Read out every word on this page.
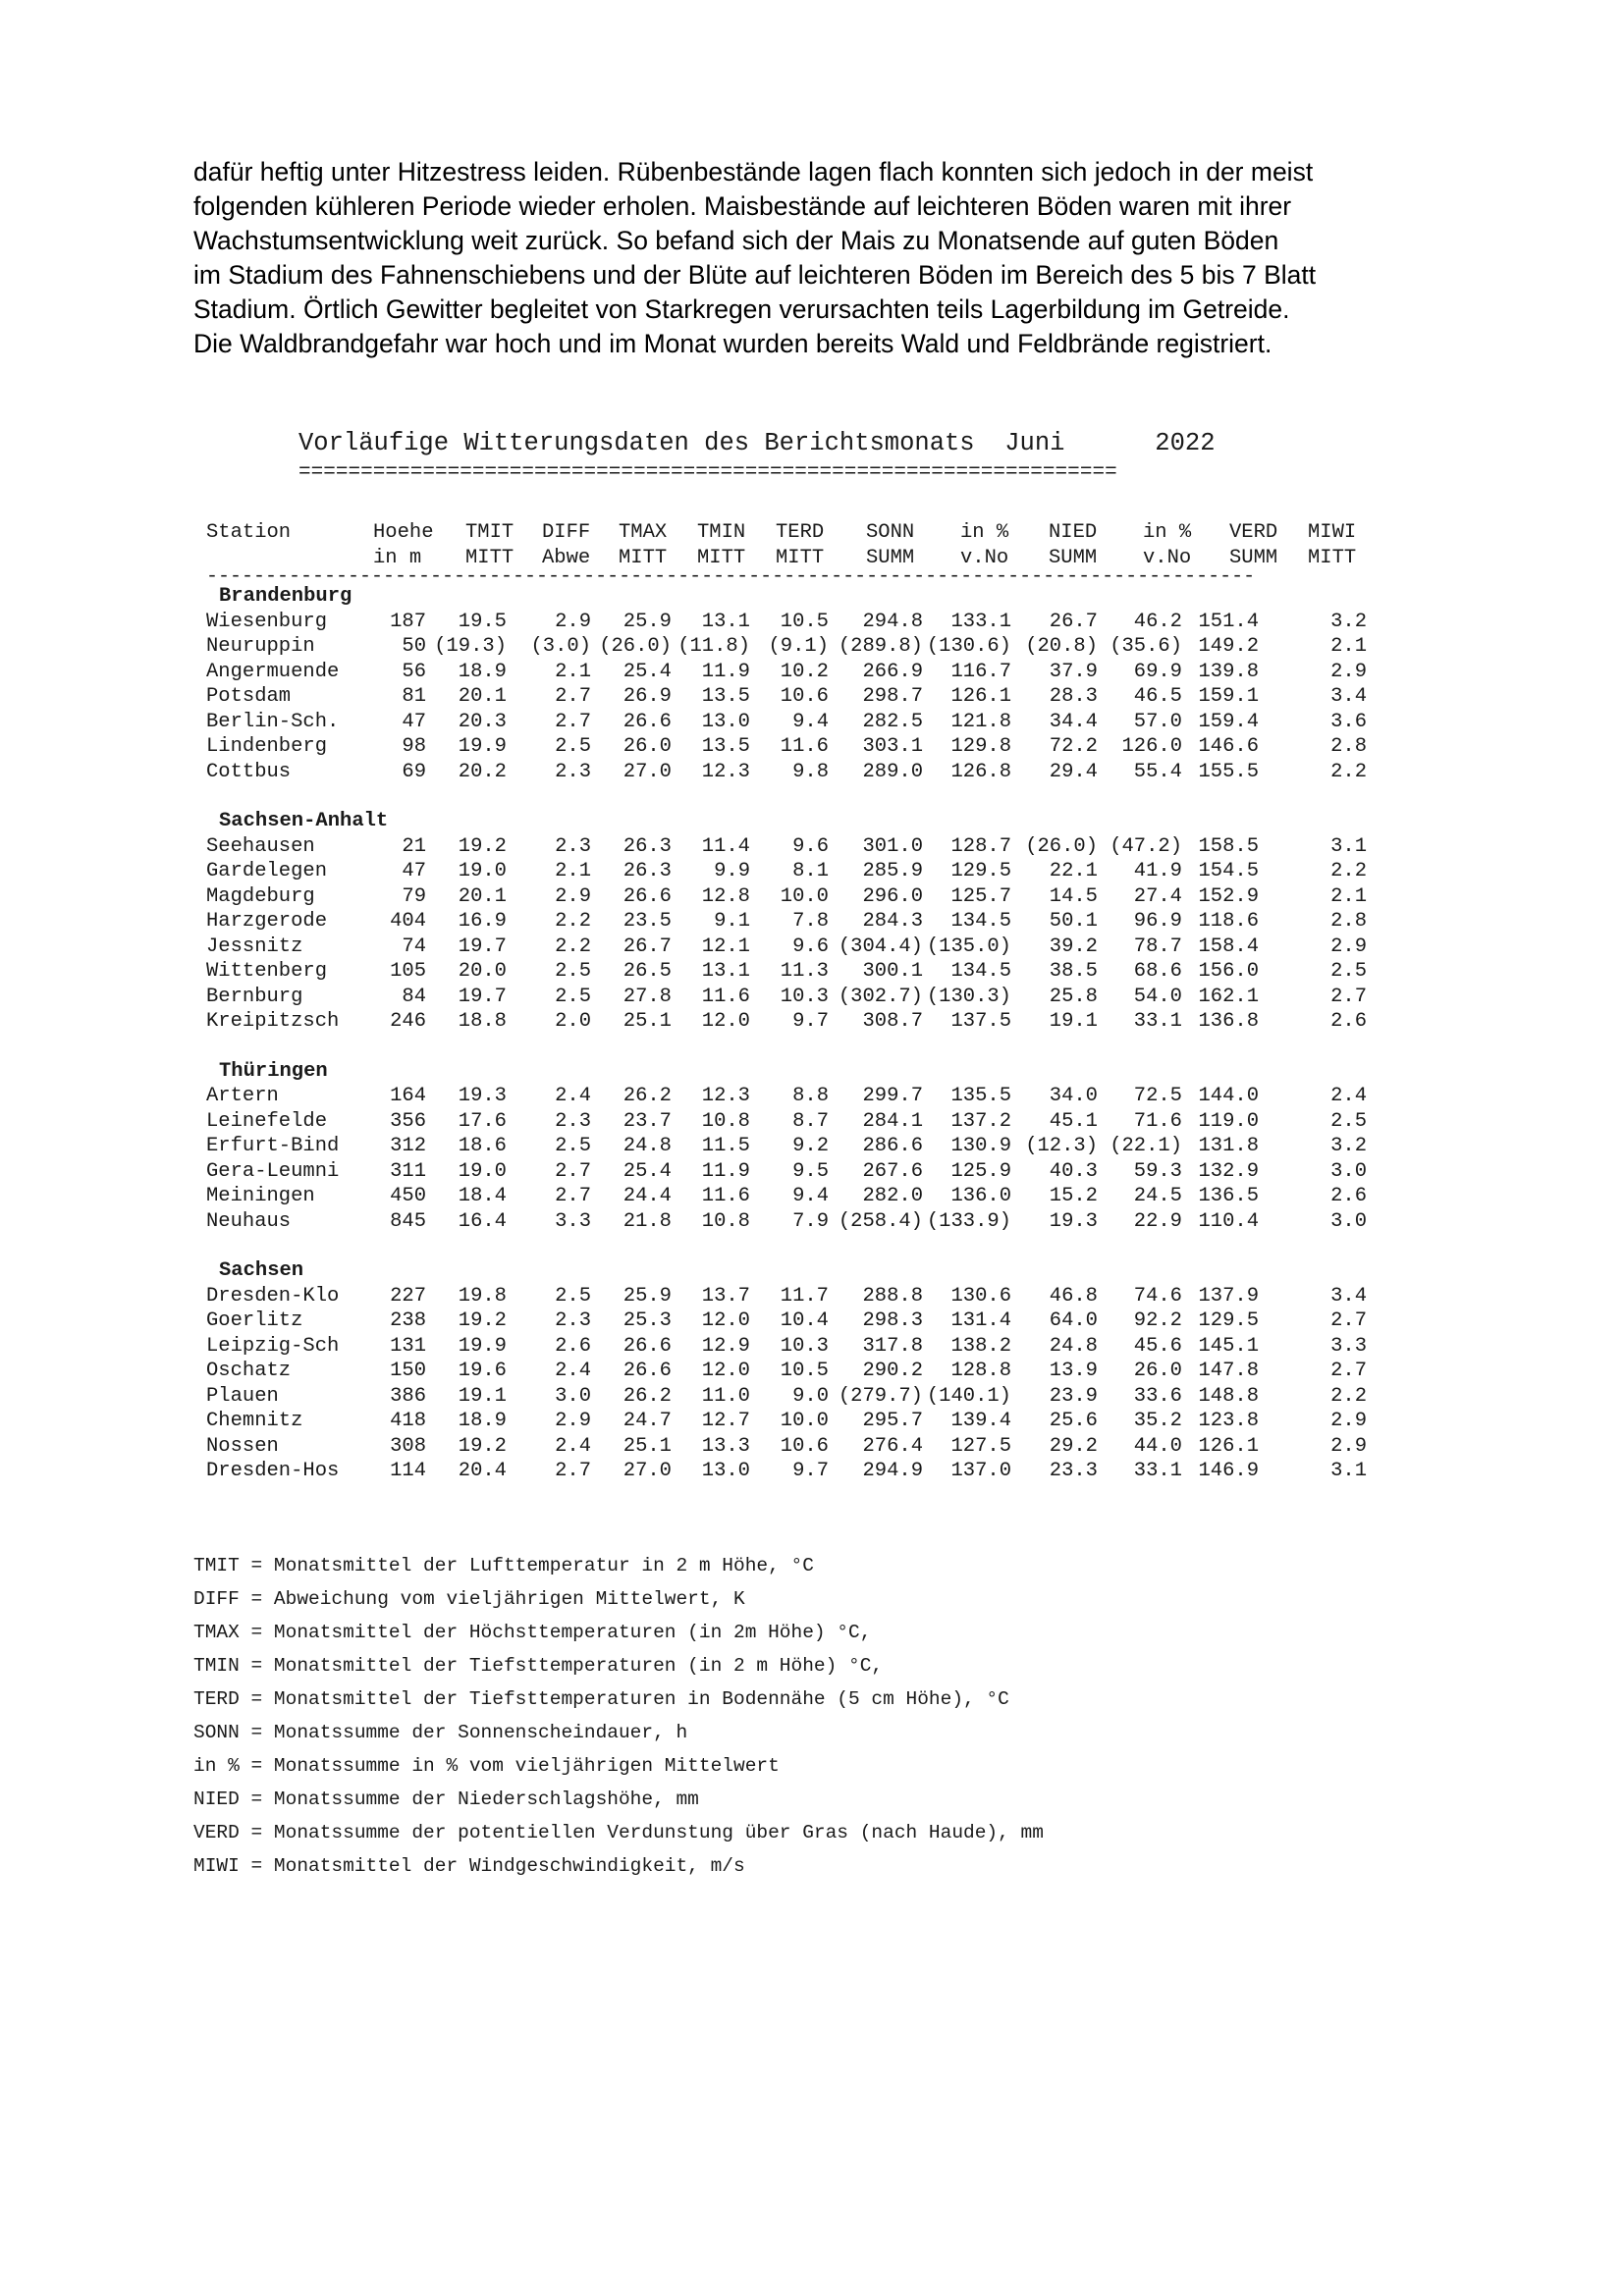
dafür heftig unter Hitzestress leiden. Rübenbestände lagen flach konnten sich jedoch in der meist

folgenden kühleren Periode wieder erholen. Maisbestände auf leichteren Böden waren mit ihrer

Wachstumsentwicklung weit zurück. So befand sich der Mais zu Monatsende auf guten Böden

im Stadium des Fahnenschiebens und der Blüte auf leichteren Böden im Bereich des 5 bis 7 Blatt

Stadium. Örtlich Gewitter begleitet von Starkregen verursachten teils Lagerbildung im Getreide.

Die Waldbrandgefahr war hoch und im Monat wurden bereits Wald und Feldbrände registriert.

Vorläufige Witterungsdaten des Berichtsmonats Juni	2022
==================================================================
Station	Hoehe TMIT DIFF TMAX TMIN TERD SONN in % NIED in % VERD MIWI
in m MITT Abwe MITT MITT MITT SUMM v.No SUMM v.No SUMM MITT
-----------------------------------------------------------------------------------------
Brandenburg
Wiesenburg	187 19.5 2.9 25.9 13.1 10.5 294.8 133.1 26.7 46.2 151.4	3.2
Neuruppin	50 (19.3) (3.0) (26.0) (11.8) (9.1) (289.8) (130.6) (20.8) (35.6) 149.2	2.1
Angermuende	56 18.9 2.1 25.4 11.9 10.2 266.9 116.7 37.9 69.9 139.8	2.9
Potsdam	81 20.1 2.7 26.9 13.5 10.6 298.7 126.1 28.3 46.5 159.1	3.4
Berlin-Sch.	47 20.3 2.7 26.6 13.0 9.4 282.5 121.8 34.4 57.0 159.4	3.6
Lindenberg	98 19.9 2.5 26.0 13.5 11.6 303.1 129.8 72.2 126.0 146.6	2.8
Cottbus	69 20.2 2.3 27.0 12.3 9.8 289.0 126.8 29.4 55.4 155.5	2.2
Sachsen-Anhalt
Seehausen	21 19.2 2.3 26.3 11.4 9.6 301.0 128.7 (26.0) (47.2) 158.5	3.1
Gardelegen	47 19.0 2.1 26.3 9.9 8.1 285.9 129.5 22.1 41.9 154.5	2.2
Magdeburg	79 20.1 2.9 26.6 12.8 10.0 296.0 125.7 14.5 27.4 152.9	2.1
Harzgerode	404 16.9 2.2 23.5 9.1 7.8 284.3 134.5 50.1 96.9 118.6	2.8
Jessnitz	74 19.7 2.2 26.7 12.1 9.6 (304.4) (135.0) 39.2 78.7 158.4	2.9
Wittenberg	105 20.0 2.5 26.5 13.1 11.3 300.1 134.5 38.5 68.6 156.0	2.5
Bernburg	84 19.7 2.5 27.8 11.6 10.3 (302.7) (130.3) 25.8 54.0 162.1	2.7
Kreipitzsch	246 18.8 2.0 25.1 12.0 9.7 308.7 137.5 19.1 33.1 136.8	2.6
Thüringen
Artern	164 19.3 2.4 26.2 12.3 8.8 299.7 135.5 34.0 72.5 144.0	2.4
Leinefelde	356 17.6 2.3 23.7 10.8 8.7 284.1 137.2 45.1 71.6 119.0	2.5
Erfurt-Bind	312 18.6 2.5 24.8 11.5 9.2 286.6 130.9 (12.3) (22.1) 131.8	3.2
Gera-Leumni	311 19.0 2.7 25.4 11.9 9.5 267.6 125.9 40.3 59.3 132.9	3.0
Meiningen	450 18.4 2.7 24.4 11.6 9.4 282.0 136.0 15.2 24.5 136.5	2.6
Neuhaus	845 16.4 3.3 21.8 10.8 7.9 (258.4) (133.9) 19.3 22.9 110.4	3.0
Sachsen
Dresden-Klo	227 19.8 2.5 25.9 13.7 11.7 288.8 130.6 46.8 74.6 137.9	3.4
Goerlitz	238 19.2 2.3 25.3 12.0 10.4 298.3 131.4 64.0 92.2 129.5	2.7
Leipzig-Sch	131 19.9 2.6 26.6 12.9 10.3 317.8 138.2 24.8 45.6 145.1	3.3
Oschatz	150 19.6 2.4 26.6 12.0 10.5 290.2 128.8 13.9 26.0 147.8	2.7
Plauen	386 19.1 3.0 26.2 11.0 9.0 (279.7) (140.1) 23.9 33.6 148.8	2.2
Chemnitz	418 18.9 2.9 24.7 12.7 10.0 295.7 139.4 25.6 35.2 123.8	2.9
Nossen	308 19.2 2.4 25.1 13.3 10.6 276.4 127.5 29.2 44.0 126.1	2.9
Dresden-Hos	114 20.4 2.7 27.0 13.0 9.7 294.9 137.0 23.3 33.1 146.9	3.1
TMIT = Monatsmittel der Lufttemperatur in 2 m Höhe, °C
DIFF = Abweichung vom vieljährigen Mittelwert, K
TMAX = Monatsmittel der Höchsttemperaturen (in 2m Höhe) °C,
TMIN = Monatsmittel der Tiefsttemperaturen (in 2 m Höhe) °C,
TERD = Monatsmittel der Tiefsttemperaturen in Bodennähe (5 cm Höhe), °C
SONN = Monatssumme der Sonnenscheindauer, h
in % = Monatssumme in % vom vieljährigen Mittelwert
NIED = Monatssumme der Niederschlagshöhe, mm
VERD = Monatssumme der potentiellen Verdunstung über Gras (nach Haude), mm
MIWI = Monatsmittel der Windgeschwindigkeit, m/s
